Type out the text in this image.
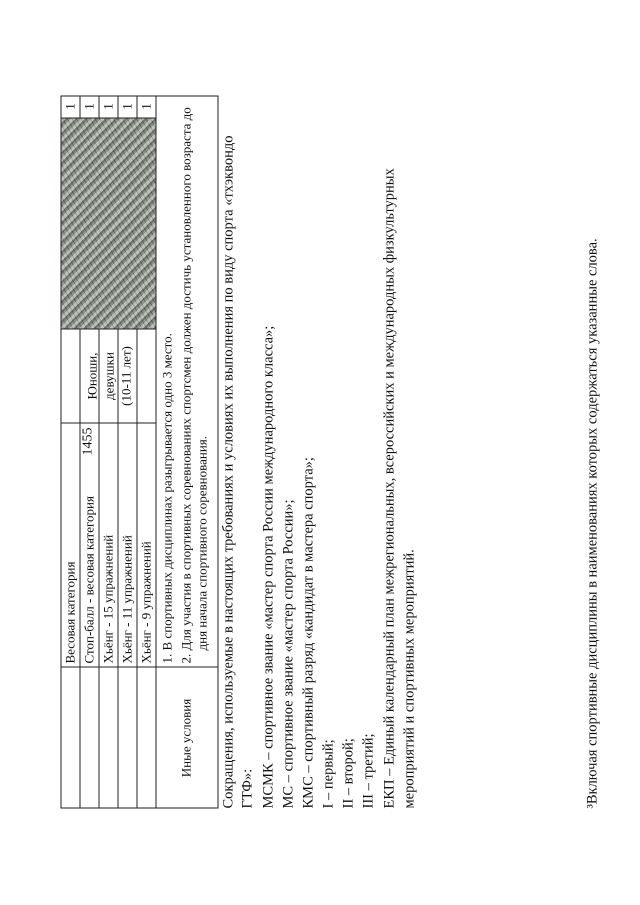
1455
Весовая категория Стоп-балл - весовая категория Хьёнг - 15 упражнений Хьёнг - 11 упражнений Хьёнг - 9 упражнений
Юноши, девушки (10-11 лет)
1 1 1 1 1
Иные условия
1. В спортивных дисциплинах разыгрывается одно 3 место. 2. Для участия в спортивных соревнованиях спортсмен должен достичь установленного возраста до дня начала спортивного соревнования. Сокращения, используемые в настоящих требованиях и условиях их выполнения по виду спорта «тхэквондо ГТФ»: МСМК – спортивное звание «мастер спорта России международного класса»; МС – спортивное звание «мастер спорта России»; КМС – спортивный разряд «кандидат в мастера спорта»; I – первый; II – второй; III – третий; ЕКП – Единый календарный план межрегиональных, всероссийских и международных физкультурных мероприятий и спортивных мероприятий.	³Включая спортивные дисциплины в наименованиях которых содержаться указанные слова.
